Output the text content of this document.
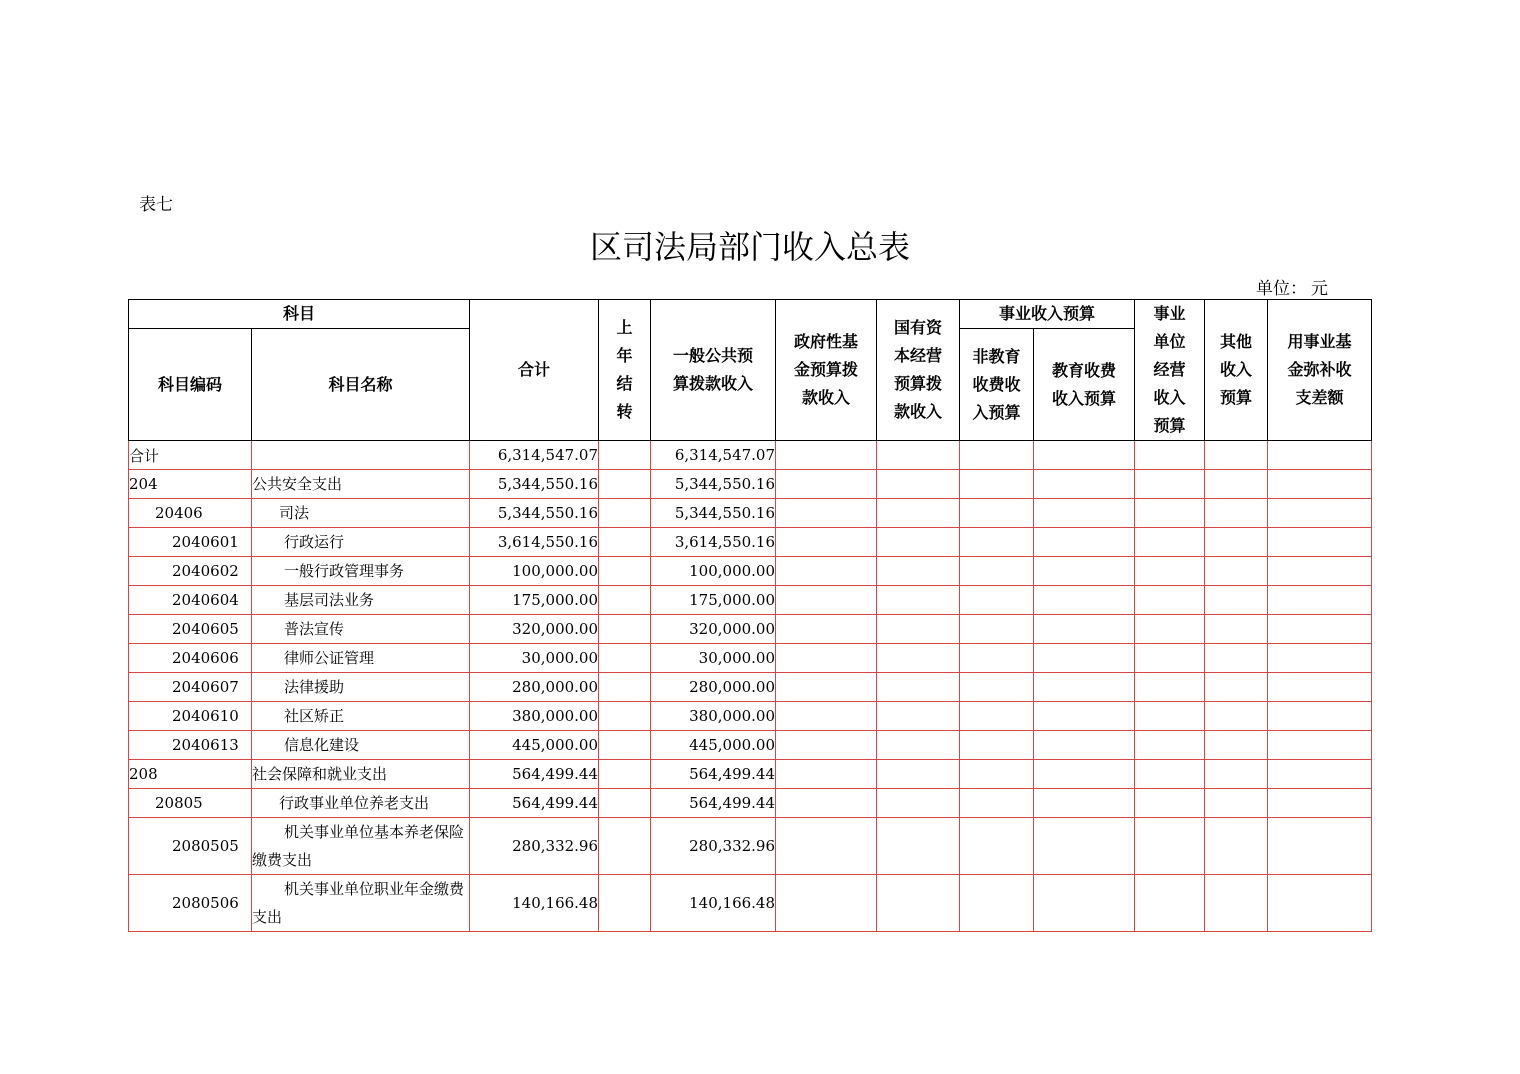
表七
区司法局部门收入总表
单位： 元
科目		合计	上年结转	一般公共预算拨款收入	政府性基金预算拨款收入	国有资本经营预算拨款收入	事业收入预算		事业单位经营收入预算	其他收入预算	用事业基金弥补收支差额
科目编码	科目名称						非教育收费收入预算	教育收费收入预算			
合计		6,314,547.07		6,314,547.07							
204	公共安全支出	5,344,550.16		5,344,550.16							
20406	司法	5,344,550.16		5,344,550.16							
2040601	行政运行	3,614,550.16		3,614,550.16							
2040602	一般行政管理事务	100,000.00		100,000.00							
2040604	基层司法业务	175,000.00		175,000.00							
2040605	普法宣传	320,000.00		320,000.00							
2040606	律师公证管理	30,000.00		30,000.00							
2040607	法律援助	280,000.00		280,000.00							
2040610	社区矫正	380,000.00		380,000.00							
2040613	信息化建设	445,000.00		445,000.00							
208	社会保障和就业支出	564,499.44		564,499.44							
20805	行政事业单位养老支出	564,499.44		564,499.44							
2080505	机关事业单位基本养老保险缴费支出	280,332.96		280,332.96							
2080506	机关事业单位职业年金缴费支出	140,166.48		140,166.48							
